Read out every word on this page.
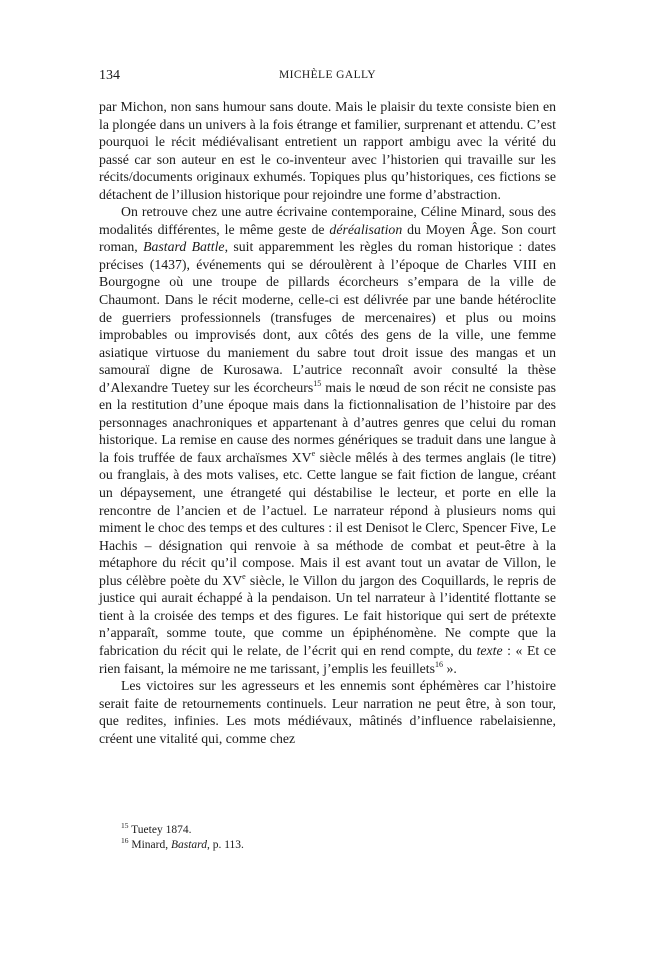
134	MICHÈLE GALLY

par Michon, non sans humour sans doute. Mais le plaisir du texte consiste bien en la plongée dans un univers à la fois étrange et familier, surprenant et attendu. C’est pourquoi le récit médiévalisant entretient un rapport ambigu avec la vérité du passé car son auteur en est le co-inventeur avec l’historien qui travaille sur les récits/documents originaux exhumés. Topiques plus qu’historiques, ces fictions se détachent de l’illusion historique pour rejoindre une forme d’abstraction.

On retrouve chez une autre écrivaine contemporaine, Céline Minard, sous des modalités différentes, le même geste de déréalisation du Moyen Âge. Son court roman, Bastard Battle, suit apparemment les règles du roman historique : dates précises (1437), événements qui se déroulèrent à l’époque de Charles VIII en Bourgogne où une troupe de pillards écorcheurs s’empara de la ville de Chaumont. Dans le récit moderne, celle-ci est délivrée par une bande hétéroclite de guerriers professionnels (transfuges de mercenaires) et plus ou moins improbables ou improvisés dont, aux côtés des gens de la ville, une femme asiatique virtuose du maniement du sabre tout droit issue des mangas et un samouraï digne de Kurosawa. L’autrice reconnaît avoir consulté la thèse d’Alexandre Tuetey sur les écorcheurs$^{15}$ mais le nœud de son récit ne consiste pas en la restitution d’une époque mais dans la fictionnalisation de l’histoire par des personnages anachroniques et appartenant à d’autres genres que celui du roman historique. La remise en cause des normes génériques se traduit dans une langue à la fois truffée de faux archaïsmes XVe siècle mêlés à des termes anglais (le titre) ou franglais, à des mots valises, etc. Cette langue se fait fiction de langue, créant un dépaysement, une étrangeté qui déstabilise le lecteur, et porte en elle la rencontre de l’ancien et de l’actuel. Le narrateur répond à plusieurs noms qui miment le choc des temps et des cultures : il est Denisot le Clerc, Spencer Five, Le Hachis – désignation qui renvoie à sa méthode de combat et peut-être à la métaphore du récit qu’il compose. Mais il est avant tout un avatar de Villon, le plus célèbre poète du XVe siècle, le Villon du jargon des Coquillards, le repris de justice qui aurait échappé à la pendaison. Un tel narrateur à l’identité flottante se tient à la croisée des temps et des figures. Le fait historique qui sert de prétexte n’apparaît, somme toute, que comme un épiphénomène. Ne compte que la fabrication du récit qui le relate, de l’écrit qui en rend compte, du texte : « Et ce rien faisant, la mémoire ne me tarissant, j’emplis les feuillets$^{16}$ ».

Les victoires sur les agresseurs et les ennemis sont éphémères car l’histoire serait faite de retournements continuels. Leur narration ne peut être, à son tour, que redites, infinies. Les mots médiévaux, mâtinés d’influence rabelaisienne, créent une vitalité qui, comme chez

$^{15}$ Tuetey 1874.
$^{16}$ Minard, Bastard, p. 113.
